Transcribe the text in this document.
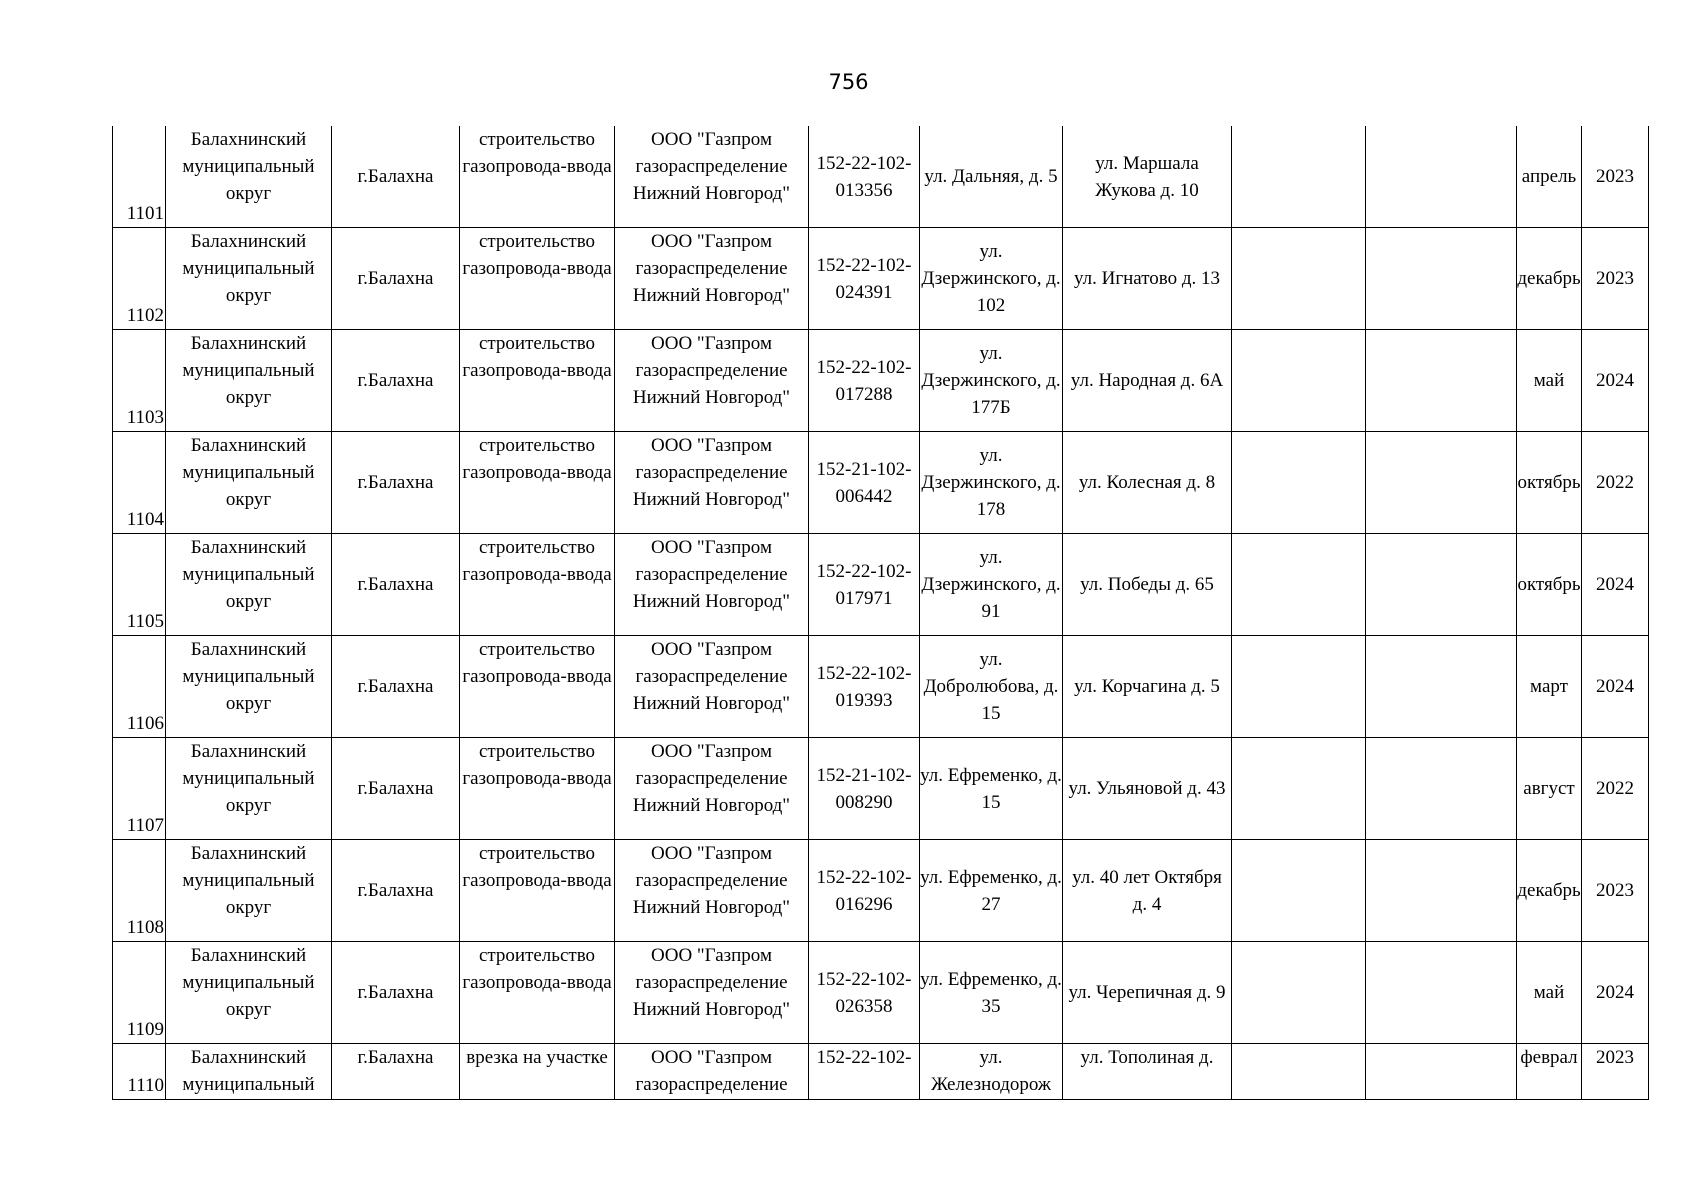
756
1101	Балахнинский муниципальный округ	г.Балахна	строительство газопровода-ввода	ООО "Газпром газораспределение Нижний Новгород"	152-22-102-013356	ул. Дальняя, д. 5	ул. Маршала Жукова д. 10			апрель	2023
1102	Балахнинский муниципальный округ	г.Балахна	строительство газопровода-ввода	ООО "Газпром газораспределение Нижний Новгород"	152-22-102-024391	ул. Дзержинского, д. 102	ул. Игнатово д. 13			декабрь	2023
1103	Балахнинский муниципальный округ	г.Балахна	строительство газопровода-ввода	ООО "Газпром газораспределение Нижний Новгород"	152-22-102-017288	ул. Дзержинского, д. 177Б	ул. Народная д. 6А			май	2024
1104	Балахнинский муниципальный округ	г.Балахна	строительство газопровода-ввода	ООО "Газпром газораспределение Нижний Новгород"	152-21-102-006442	ул. Дзержинского, д. 178	ул. Колесная д. 8			октябрь	2022
1105	Балахнинский муниципальный округ	г.Балахна	строительство газопровода-ввода	ООО "Газпром газораспределение Нижний Новгород"	152-22-102-017971	ул. Дзержинского, д. 91	ул. Победы д. 65			октябрь	2024
1106	Балахнинский муниципальный округ	г.Балахна	строительство газопровода-ввода	ООО "Газпром газораспределение Нижний Новгород"	152-22-102-019393	ул. Добролюбова, д. 15	ул. Корчагина д. 5			март	2024
1107	Балахнинский муниципальный округ	г.Балахна	строительство газопровода-ввода	ООО "Газпром газораспределение Нижний Новгород"	152-21-102-008290	ул. Ефременко, д. 15	ул. Ульяновой д. 43			август	2022
1108	Балахнинский муниципальный округ	г.Балахна	строительство газопровода-ввода	ООО "Газпром газораспределение Нижний Новгород"	152-22-102-016296	ул. Ефременко, д. 27	ул. 40 лет Октября д. 4			декабрь	2023
1109	Балахнинский муниципальный округ	г.Балахна	строительство газопровода-ввода	ООО "Газпром газораспределение Нижний Новгород"	152-22-102-026358	ул. Ефременко, д. 35	ул. Черепичная д. 9			май	2024
1110	Балахнинский муниципальный	г.Балахна	врезка на участке	ООО "Газпром газораспределение	152-22-102-	ул. Железнодорож	ул. Тополиная д.			феврал	2023
